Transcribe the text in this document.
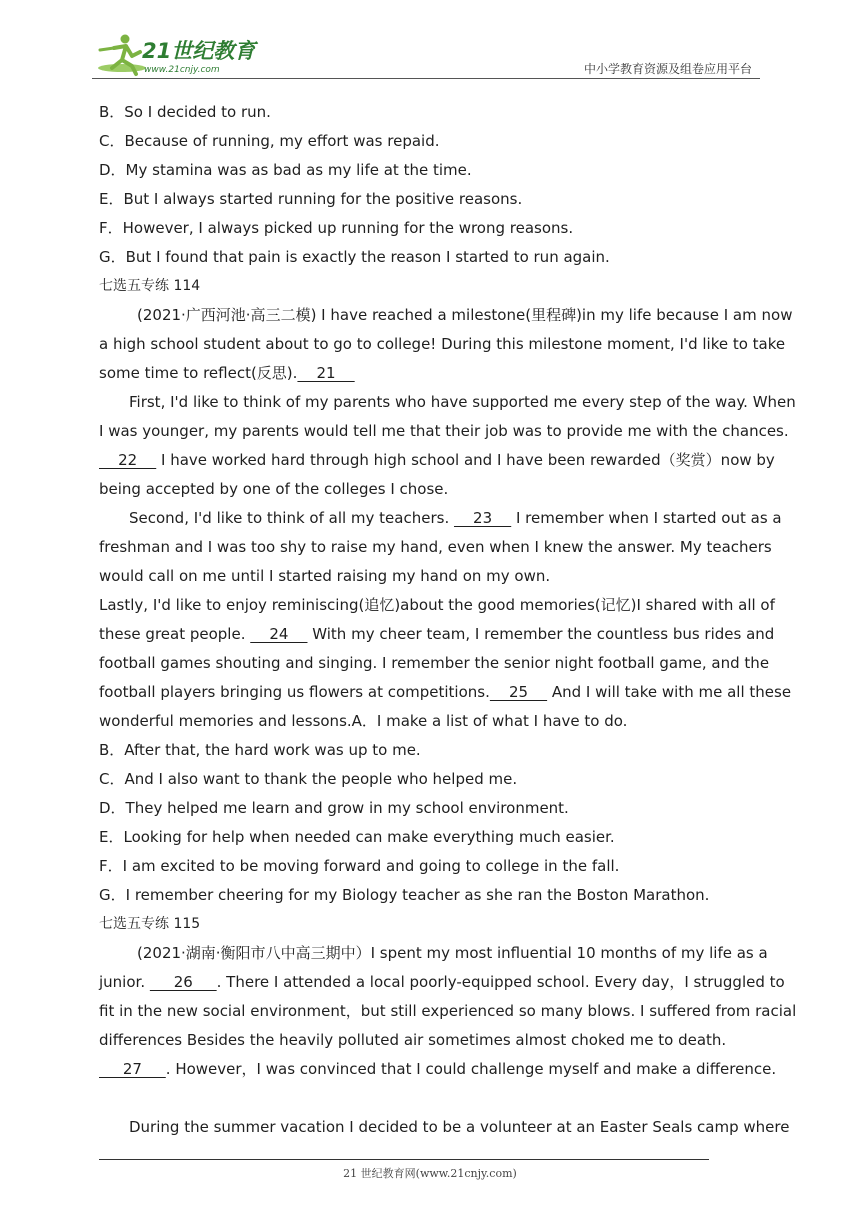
21世纪教育
www.21cnjy.com	中小学教育资源及组卷应用平台
B．So I decided to run.
C．Because of running, my effort was repaid.
D．My stamina was as bad as my life at the time.
E．But I always started running for the positive reasons.
F．However, I always picked up running for the wrong reasons.
G．But I found that pain is exactly the reason I started to run again.
七选五专练 114
(2021·广西河池·高三二模) I have reached a milestone(里程碑)in my life because I am now
a high school student about to go to college! During this milestone moment, I'd like to take
some time to reflect(反思).    21
First, I'd like to think of my parents who have supported me every step of the way. When
I was younger, my parents would tell me that their job was to provide me with the chances.
22     I have worked hard through high school and I have been rewarded（奖赏）now by
being accepted by one of the colleges I chose.
Second, I'd like to think of all my teachers.     23     I remember when I started out as a
freshman and I was too shy to raise my hand, even when I knew the answer. My teachers
would call on me until I started raising my hand on my own.
Lastly, I'd like to enjoy reminiscing(追忆)about the good memories(记忆)I shared with all of
these great people.     24     With my cheer team, I remember the countless bus rides and
football games shouting and singing. I remember the senior night football game, and the
football players bringing us flowers at competitions.    25     And I will take with me all these
wonderful memories and lessons.A．I make a list of what I have to do.
B．After that, the hard work was up to me.
C．And I also want to thank the people who helped me.
D．They helped me learn and grow in my school environment.
E．Looking for help when needed can make everything much easier.
F．I am excited to be moving forward and going to college in the fall.
G．I remember cheering for my Biology teacher as she ran the Boston Marathon.
七选五专练 115
(2021·湖南·衡阳市八中高三期中）I spent my most influential 10 months of my life as a
junior.      26     . There I attended a local poorly-equipped school. Every day，I struggled to
fit in the new social environment，but still experienced so many blows. I suffered from racial
differences Besides the heavily polluted air sometimes almost choked me to death.
27     . However，I was convinced that I could challenge myself and make a difference.
During the summer vacation I decided to be a volunteer at an Easter Seals camp where
21 世纪教育网(www.21cnjy.com)
